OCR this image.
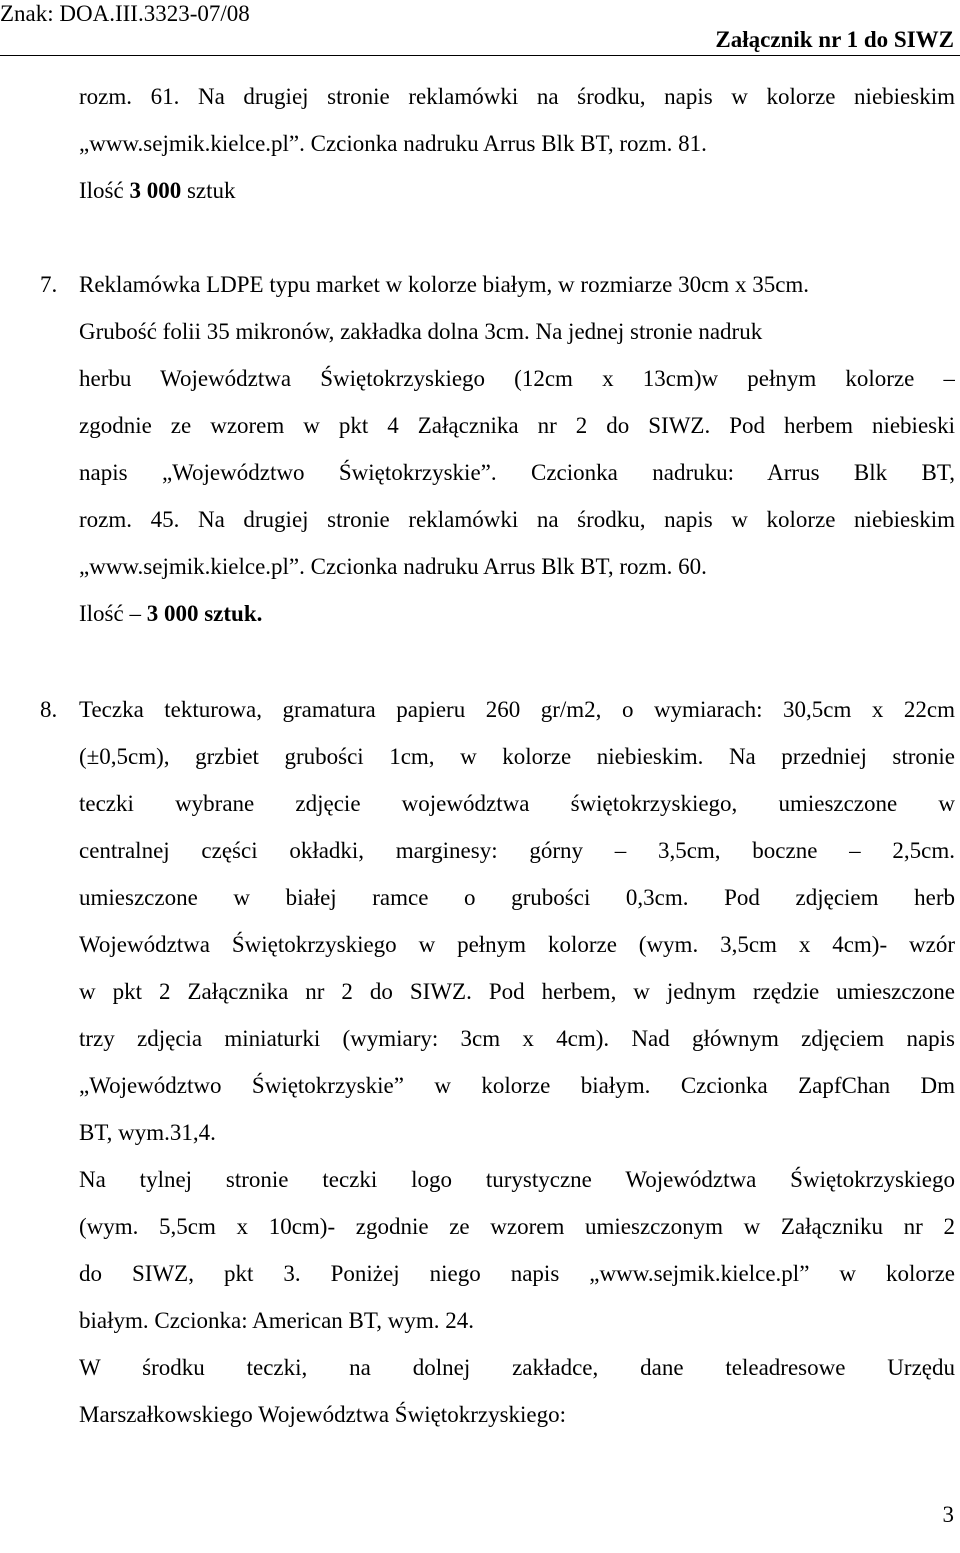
Znak: DOA.III.3323-07/08
Załącznik nr 1 do SIWZ
rozm. 61. Na drugiej stronie reklamówki na środku, napis w kolorze niebieskim
„www.sejmik.kielce.pl”. Czcionka nadruku Arrus Blk BT, rozm. 81.
Ilość 3 000 sztuk
7. Reklamówka LDPE typu market w kolorze białym, w rozmiarze 30cm x 35cm.
Grubość folii 35 mikronów, zakładka dolna 3cm. Na jednej stronie nadruk
herbu Województwa Świętokrzyskiego (12cm x 13cm)w pełnym kolorze –
zgodnie ze wzorem w pkt 4 Załącznika nr 2 do SIWZ. Pod herbem niebieski
napis „Województwo Świętokrzyskie”. Czcionka nadruku: Arrus Blk BT,
rozm. 45. Na drugiej stronie reklamówki na środku, napis w kolorze niebieskim
„www.sejmik.kielce.pl”. Czcionka nadruku Arrus Blk BT, rozm. 60.
Ilość – 3 000 sztuk.
8. Teczka tekturowa, gramatura papieru 260 gr/m2, o wymiarach: 30,5cm x 22cm
(±0,5cm), grzbiet grubości 1cm, w kolorze niebieskim. Na przedniej stronie
teczki wybrane zdjęcie województwa świętokrzyskiego, umieszczone w
centralnej części okładki, marginesy: górny – 3,5cm, boczne – 2,5cm.
umieszczone w białej ramce o grubości 0,3cm. Pod zdjęciem herb
Województwa Świętokrzyskiego w pełnym kolorze (wym. 3,5cm x 4cm)- wzór
w pkt 2 Załącznika nr 2 do SIWZ. Pod herbem, w jednym rzędzie umieszczone
trzy zdjęcia miniaturki (wymiary: 3cm x 4cm). Nad głównym zdjęciem napis
„Województwo Świętokrzyskie” w kolorze białym. Czcionka ZapfChan Dm
BT, wym.31,4.
Na tylnej stronie teczki logo turystyczne Województwa Świętokrzyskiego
(wym. 5,5cm x 10cm)- zgodnie ze wzorem umieszczonym w Załączniku nr 2
do SIWZ, pkt 3. Poniżej niego napis „www.sejmik.kielce.pl” w kolorze
białym. Czcionka: American BT, wym. 24.
W środku teczki, na dolnej zakładce, dane teleadresowe Urzędu
Marszałkowskiego Województwa Świętokrzyskiego:
3
